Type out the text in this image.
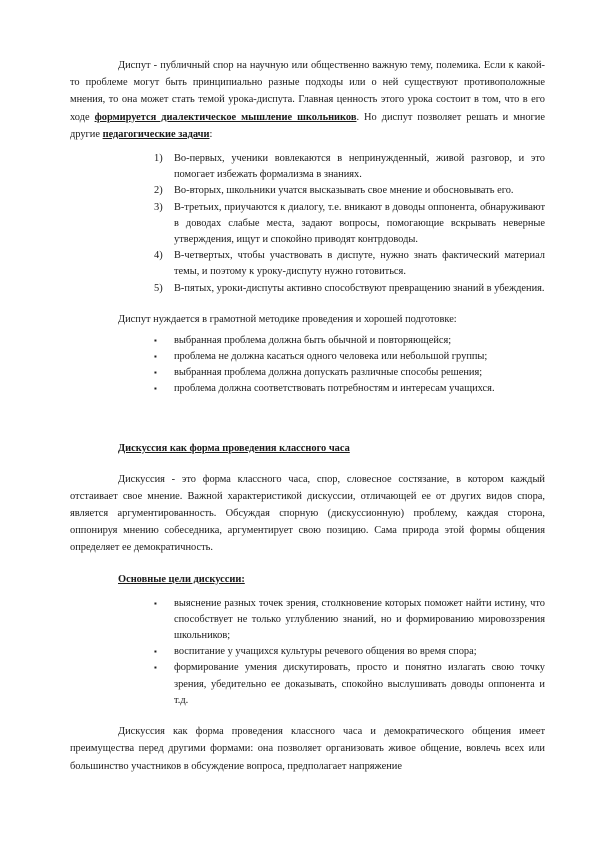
Диспут - публичный спор на научную или общественно важную тему, полемика. Если к какой-то проблеме могут быть принципиально разные подходы или о ней существуют противоположные мнения, то она может стать темой урока-диспута. Главная ценность этого урока состоит в том, что в его ходе формируется диалектическое мышление школьников. Но диспут позволяет решать и многие другие педагогические задачи:

1) Во-первых, ученики вовлекаются в непринужденный, живой разговор, и это помогает избежать формализма в знаниях.
2) Во-вторых, школьники учатся высказывать свое мнение и обосновывать его.
3) В-третьих, приучаются к диалогу, т.е. вникают в доводы оппонента, обнаруживают в доводах слабые места, задают вопросы, помогающие вскрывать неверные утверждения, ищут и спокойно приводят контрдоводы.
4) В-четвертых, чтобы участвовать в диспуте, нужно знать фактический материал темы, и поэтому к уроку-диспуту нужно готовиться.
5) В-пятых, уроки-диспуты активно способствуют превращению знаний в убеждения.

Диспут нуждается в грамотной методике проведения и хорошей подготовке:

▪ выбранная проблема должна быть обычной и повторяющейся;
▪ проблема не должна касаться одного человека или небольшой группы;
▪ выбранная проблема должна допускать различные способы решения;
▪ проблема должна соответствовать потребностям и интересам учащихся.

Дискуссия как форма проведения классного часа

Дискуссия - это форма классного часа, спор, словесное состязание, в котором каждый отстаивает свое мнение. Важной характеристикой дискуссии, отличающей ее от других видов спора, является аргументированность. Обсуждая спорную (дискуссионную) проблему, каждая сторона, оппонируя мнению собеседника, аргументирует свою позицию. Сама природа этой формы общения определяет ее демократичность.

Основные цели дискуссии:

▪ выяснение разных точек зрения, столкновение которых поможет найти истину, что способствует не только углублению знаний, но и формированию мировоззрения школьников;
▪ воспитание у учащихся культуры речевого общения во время спора;
▪ формирование умения дискутировать, просто и понятно излагать свою точку зрения, убедительно ее доказывать, спокойно выслушивать доводы оппонента и т.д.

Дискуссия как форма проведения классного часа и демократического общения имеет преимущества перед другими формами: она позволяет организовать живое общение, вовлечь всех или большинство участников в обсуждение вопроса, предполагает напряжение
